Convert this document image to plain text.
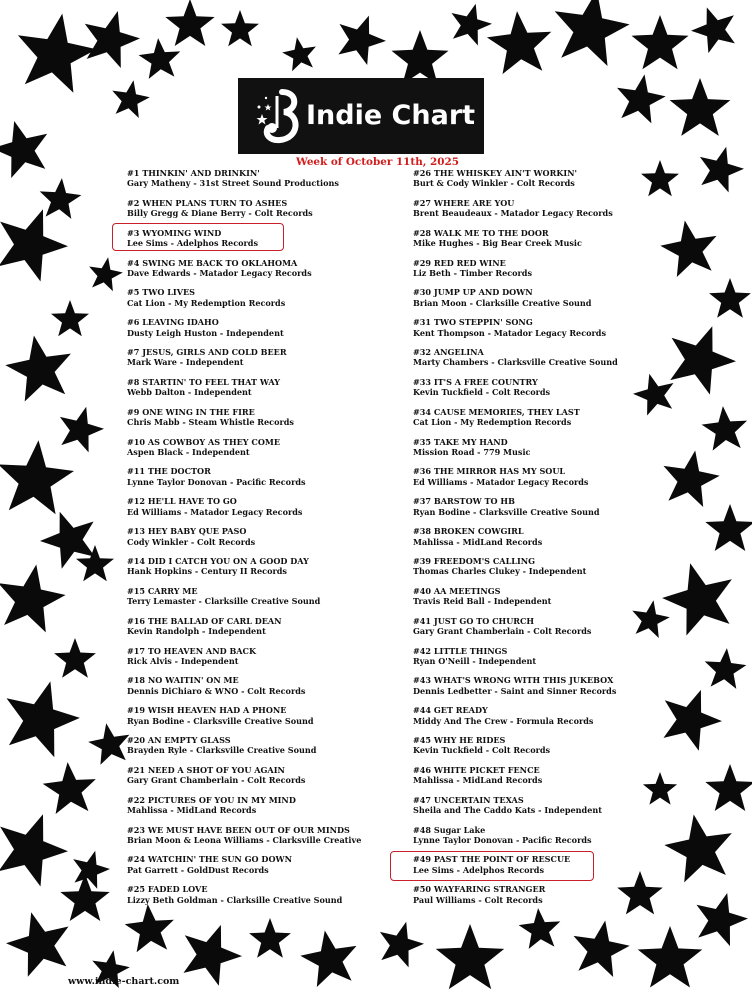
Indie Chart
Week of October 11th, 2025
#1 THINKIN' AND DRINKIN'
Gary Matheny - 31st Street Sound Productions
#2 WHEN PLANS TURN TO ASHES
Billy Gregg & Diane Berry - Colt Records
#3 WYOMING WIND
Lee Sims - Adelphos Records
#4 SWING ME BACK TO OKLAHOMA
Dave Edwards - Matador Legacy Records
#5 TWO LIVES
Cat Lion - My Redemption Records
#6 LEAVING IDAHO
Dusty Leigh Huston - Independent
#7 JESUS, GIRLS AND COLD BEER
Mark Ware - Independent
#8 STARTIN' TO FEEL THAT WAY
Webb Dalton - Independent
#9 ONE WING IN THE FIRE
Chris Mabb - Steam Whistle Records
#10 AS COWBOY AS THEY COME
Aspen Black - Independent
#11 THE DOCTOR
Lynne Taylor Donovan - Pacific Records
#12 HE'LL HAVE TO GO
Ed Williams - Matador Legacy Records
#13 HEY BABY QUE PASO
Cody Winkler - Colt Records
#14 DID I CATCH YOU ON A GOOD DAY
Hank Hopkins - Century II Records
#15 CARRY ME
Terry Lemaster - Clarksille Creative Sound
#16 THE BALLAD OF CARL DEAN
Kevin Randolph - Independent
#17 TO HEAVEN AND BACK
Rick Alvis - Independent
#18 NO WAITIN' ON ME
Dennis DiChiaro & WNO - Colt Records
#19 WISH HEAVEN HAD A PHONE
Ryan Bodine - Clarksville Creative Sound
#20 AN EMPTY GLASS
Brayden Ryle - Clarksville Creative Sound
#21 NEED A SHOT OF YOU AGAIN
Gary Grant Chamberlain - Colt Records
#22 PICTURES OF YOU IN MY MIND
Mahlissa - MidLand Records
#23 WE MUST HAVE BEEN OUT OF OUR MINDS
Brian Moon & Leona Williams - Clarksville Creative
#24 WATCHIN' THE SUN GO DOWN
Pat Garrett - GoldDust Records
#25 FADED LOVE
Lizzy Beth Goldman - Clarksille Creative Sound
#26 THE WHISKEY AIN'T WORKIN'
Burt & Cody Winkler - Colt Records
#27 WHERE ARE YOU
Brent Beaudeaux - Matador Legacy Records
#28 WALK ME TO THE DOOR
Mike Hughes - Big Bear Creek Music
#29 RED RED WINE
Liz Beth - Timber Records
#30 JUMP UP AND DOWN
Brian Moon - Clarksille Creative Sound
#31 TWO STEPPIN' SONG
Kent Thompson - Matador Legacy Records
#32 ANGELINA
Marty Chambers - Clarksville Creative Sound
#33 IT'S A FREE COUNTRY
Kevin Tuckfield - Colt Records
#34 CAUSE MEMORIES, THEY LAST
Cat Lion - My Redemption Records
#35 TAKE MY HAND
Mission Road - 779 Music
#36 THE MIRROR HAS MY SOUL
Ed Williams - Matador Legacy Records
#37 BARSTOW TO HB
Ryan Bodine - Clarksville Creative Sound
#38 BROKEN COWGIRL
Mahlissa - MidLand Records
#39 FREEDOM'S CALLING
Thomas Charles Clukey - Independent
#40 AA MEETINGS
Travis Reid Ball - Independent
#41 JUST GO TO CHURCH
Gary Grant Chamberlain - Colt Records
#42 LITTLE THINGS
Ryan O'Neill - Independent
#43 WHAT'S WRONG WITH THIS JUKEBOX
Dennis Ledbetter - Saint and Sinner Records
#44 GET READY
Middy And The Crew - Formula Records
#45 WHY HE RIDES
Kevin Tuckfield - Colt Records
#46 WHITE PICKET FENCE
Mahlissa - MidLand Records
#47 UNCERTAIN TEXAS
Sheila and The Caddo Kats - Independent
#48 Sugar Lake
Lynne Taylor Donovan - Pacific Records
#49 PAST THE POINT OF RESCUE
Lee Sims - Adelphos Records
#50 WAYFARING STRANGER
Paul Williams - Colt Records
www.indie-chart.com
